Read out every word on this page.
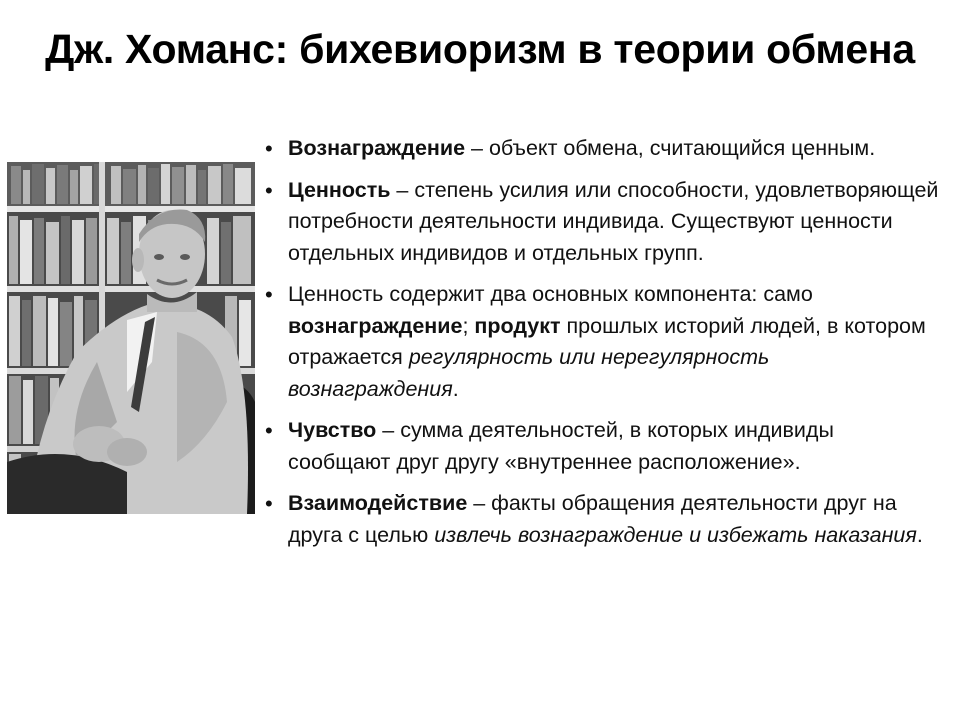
Дж. Хоманс: бихевиоризм в теории обмена
• Вознаграждение – объект обмена, считающийся ценным.
• Ценность – степень усилия или способности, удовлетворяющей потребности деятельности индивида. Существуют ценности отдельных индивидов и отдельных групп.
• Ценность содержит два основных компонента: само вознаграждение; продукт прошлых историй людей, в котором отражается регулярность или нерегулярность вознаграждения.
• Чувство – сумма деятельностей, в которых индивиды сообщают друг другу «внутреннее расположение».
• Взаимодействие – факты обращения деятельности друг на друга с целью извлечь вознаграждение и избежать наказания.
